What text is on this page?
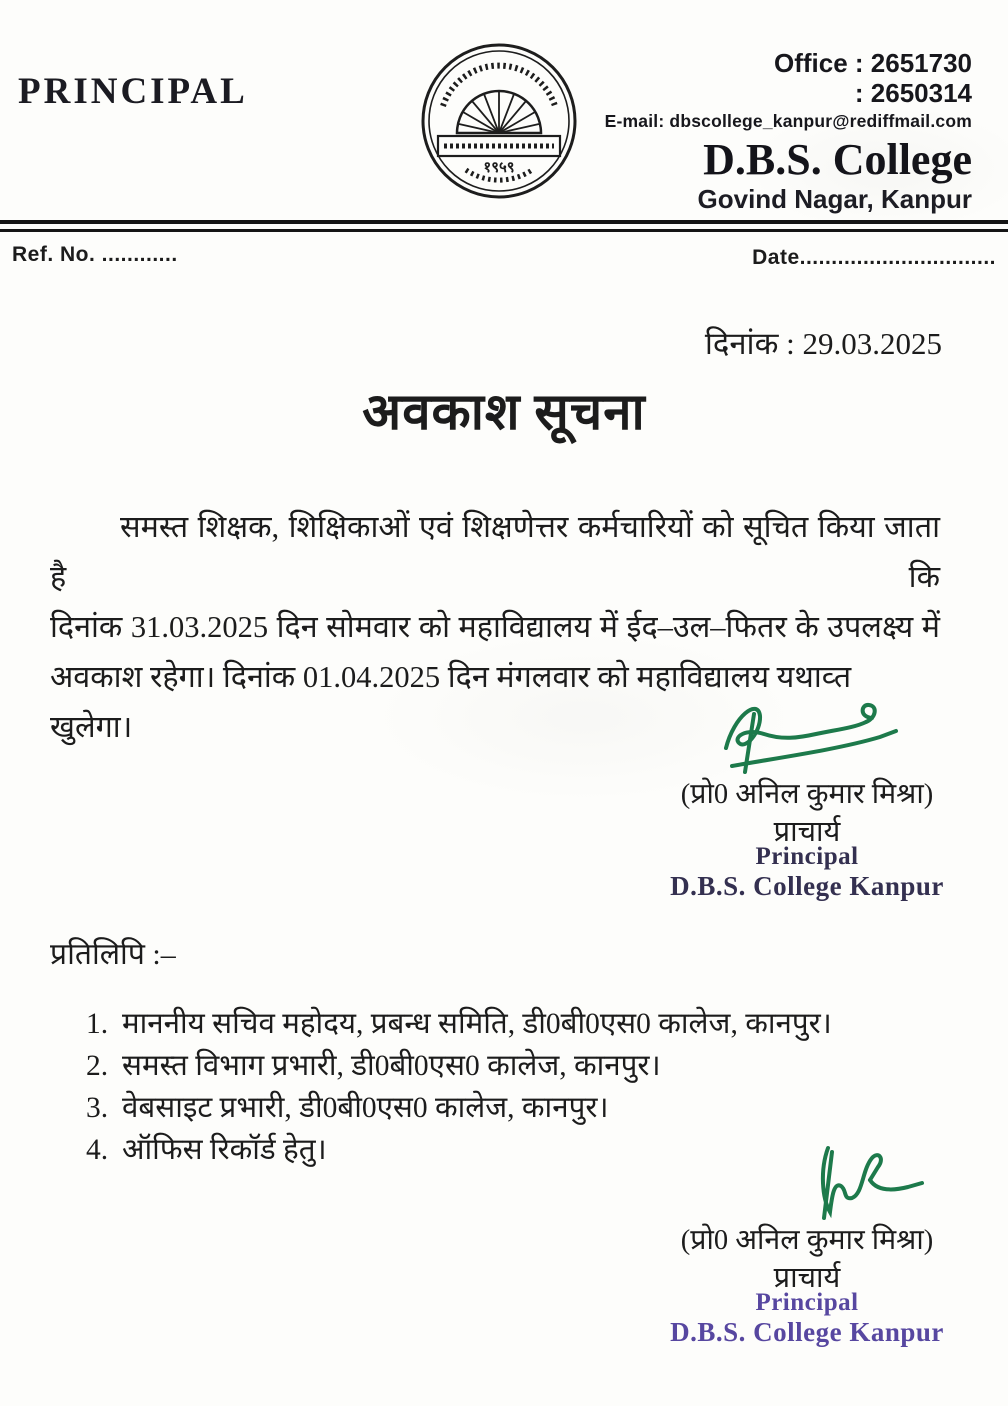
PRINCIPAL
१९५९
Office : 2651730
: 2650314
E-mail: dbscollege_kanpur@rediffmail.com
D.B.S. College
Govind Nagar, Kanpur
Ref. No. ............	Date...............................
दिनांक : 29.03.2025
अवकाश सूचना
समस्त शिक्षक, शिक्षिकाओं एवं शिक्षणेत्तर कर्मचारियों को सूचित किया जाता है कि
दिनांक 31.03.2025 दिन सोमवार को महाविद्यालय में ईद–उल–फितर के उपलक्ष्य में
अवकाश रहेगा। दिनांक 01.04.2025 दिन मंगलवार को महाविद्यालय यथाव्त खुलेगा।
(प्रो0 अनिल कुमार मिश्रा)
प्राचार्य
Principal
D.B.S. College Kanpur
प्रतिलिपि :–
1. माननीय सचिव महोदय, प्रबन्ध समिति, डी0बी0एस0 कालेज, कानपुर।
2. समस्त विभाग प्रभारी, डी0बी0एस0 कालेज, कानपुर।
3. वेबसाइट प्रभारी, डी0बी0एस0 कालेज, कानपुर।
4. ऑफिस रिकॉर्ड हेतु।
(प्रो0 अनिल कुमार मिश्रा)
प्राचार्य
Principal
D.B.S. College Kanpur
